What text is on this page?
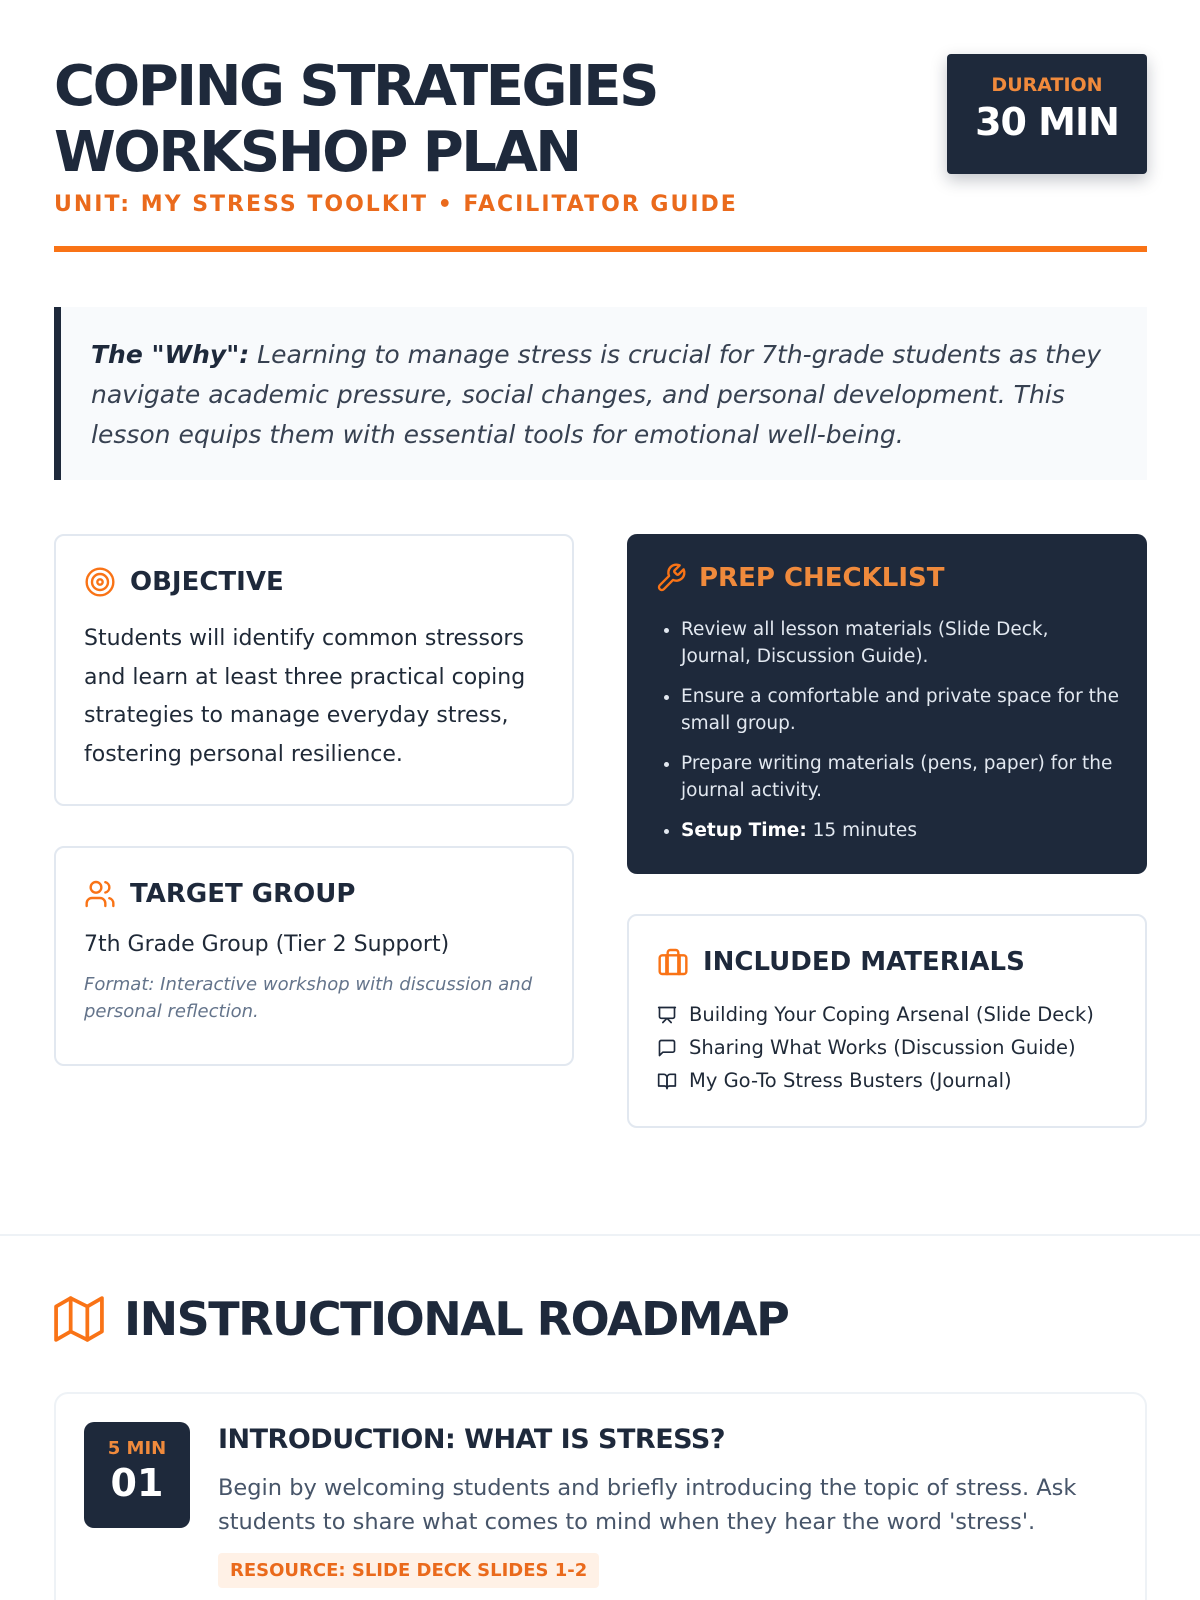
COPING STRATEGIES WORKSHOP PLAN
UNIT: MY STRESS TOOLKIT • FACILITATOR GUIDE
DURATION
30 MIN

The "Why": Learning to manage stress is crucial for 7th-grade students as they navigate academic pressure, social changes, and personal development. This lesson equips them with essential tools for emotional well-being.

OBJECTIVE

Students will identify common stressors and learn at least three practical coping strategies to manage everyday stress, fostering personal resilience.

TARGET GROUP

7th Grade Group (Tier 2 Support)

Format: Interactive workshop with discussion and personal reflection.

PREP CHECKLIST
• Review all lesson materials (Slide Deck, Journal, Discussion Guide).
• Ensure a comfortable and private space for the small group.
• Prepare writing materials (pens, paper) for the journal activity.
• Setup Time: 15 minutes
INCLUDED MATERIALS
Building Your Coping Arsenal (Slide Deck)
Sharing What Works (Discussion Guide)
My Go-To Stress Busters (Journal)
INSTRUCTIONAL ROADMAP
5 MIN
01
INTRODUCTION: WHAT IS STRESS?

Begin by welcoming students and briefly introducing the topic of stress. Ask students to share what comes to mind when they hear the word 'stress'.

RESOURCE: SLIDE DECK SLIDES 1-2
